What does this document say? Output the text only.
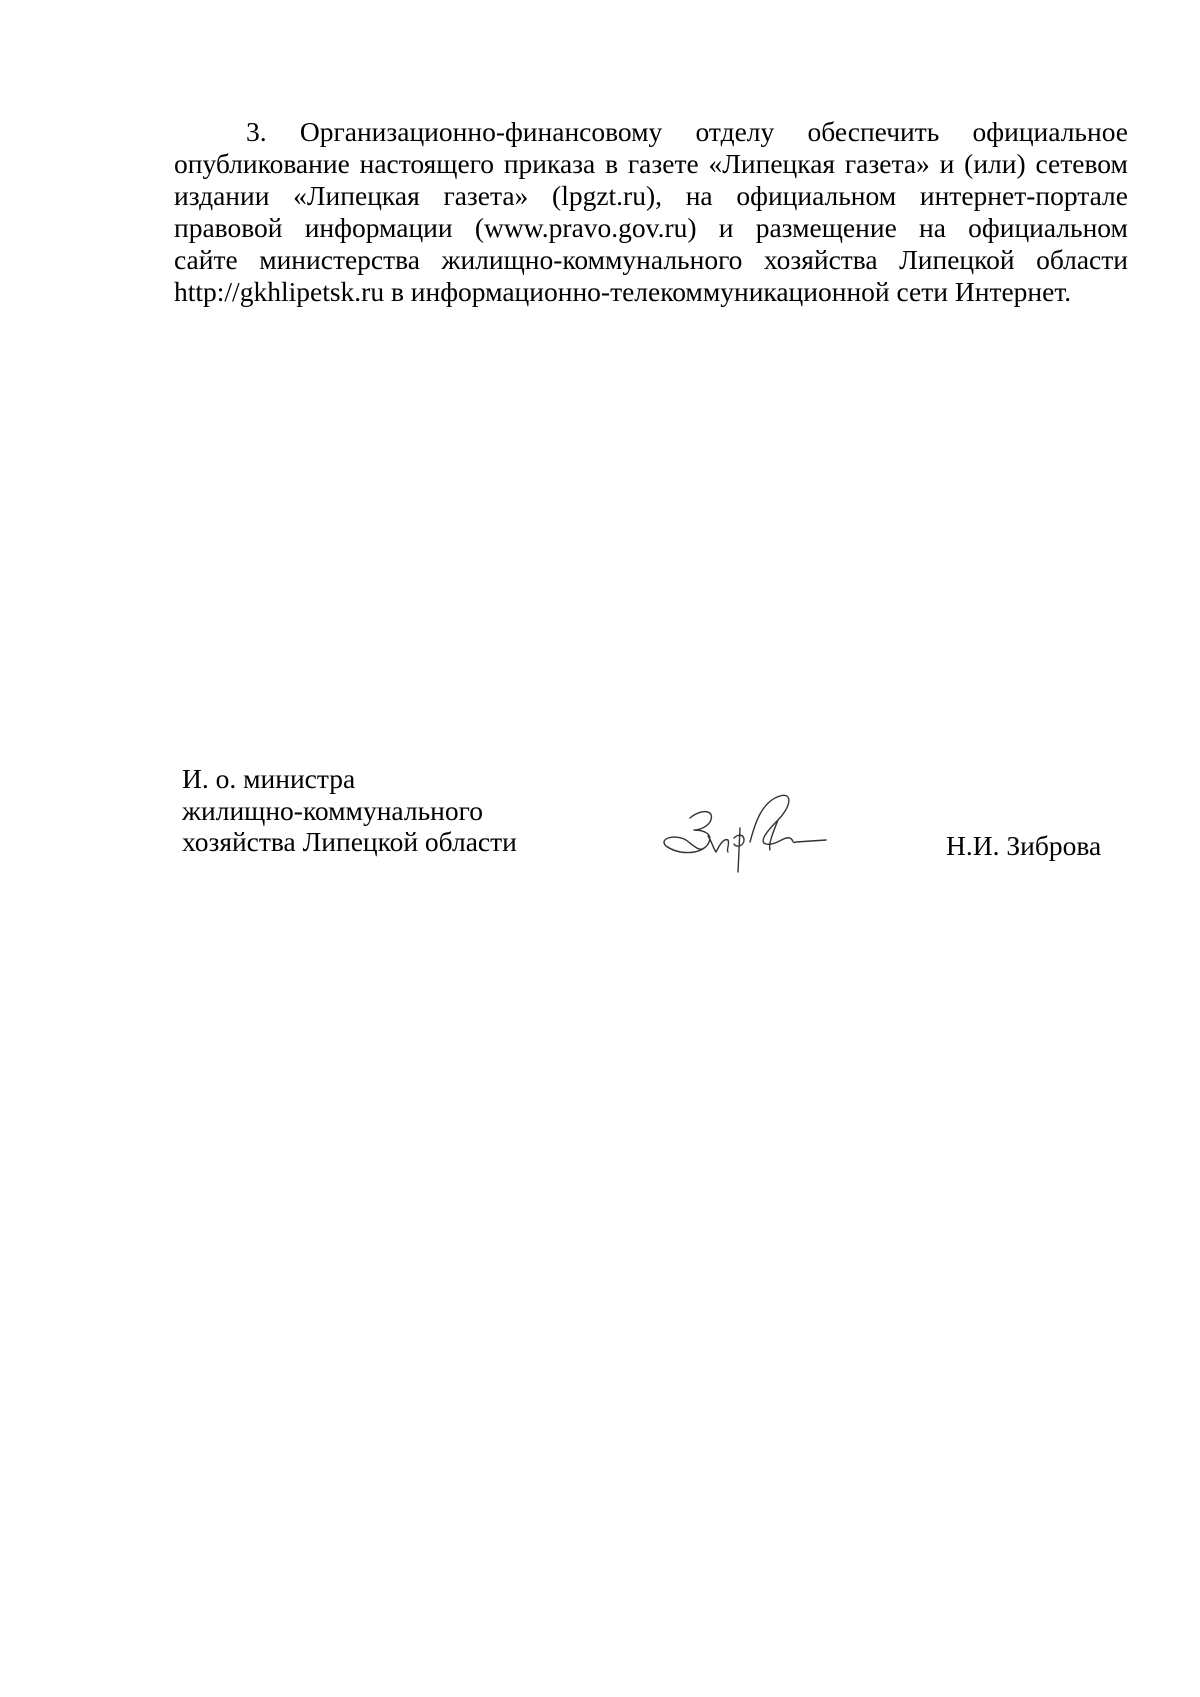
3. Организационно-финансовому отделу обеспечить официальное
опубликование настоящего приказа в газете «Липецкая газета» и (или) сетевом
издании «Липецкая газета» (lpgzt.ru), на официальном интернет-портале
правовой информации (www.pravo.gov.ru) и размещение на официальном
сайте министерства жилищно-коммунального хозяйства Липецкой области
http://gkhlipetsk.ru в информационно-телекоммуникационной сети Интернет.
И. о. министра
жилищно-коммунального
хозяйства Липецкой области	Н.И. Зиброва
